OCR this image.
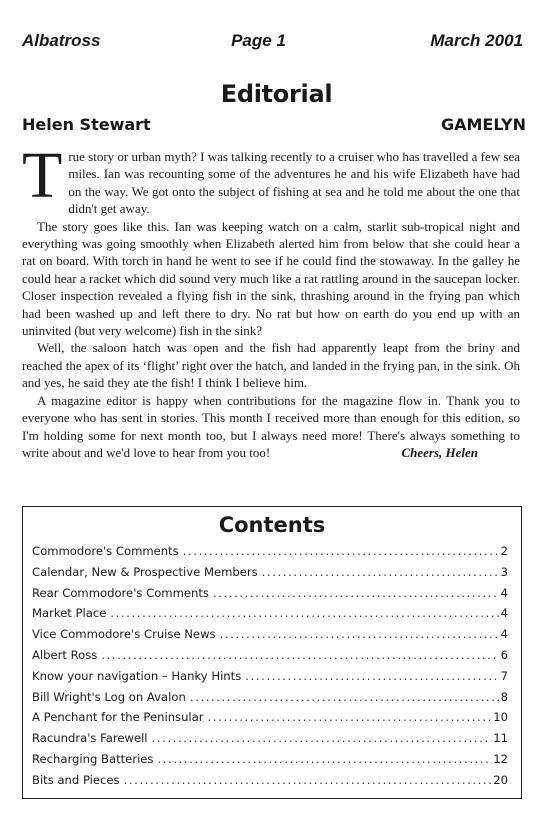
Albatross	Page 1	March 2001
Editorial
Helen Stewart	GAMELYN

True story or urban myth? I was talking recently to a cruiser who has travelled a few sea miles. Ian was recounting some of the adventures he and his wife Elizabeth have had on the way. We got onto the subject of fishing at sea and he told me about the one that didn't get away.

The story goes like this. Ian was keeping watch on a calm, starlit sub-tropical night and everything was going smoothly when Elizabeth alerted him from below that she could hear a rat on board. With torch in hand he went to see if he could find the stowaway. In the galley he could hear a racket which did sound very much like a rat rattling around in the saucepan locker. Closer inspection revealed a flying fish in the sink, thrashing around in the frying pan which had been washed up and left there to dry. No rat but how on earth do you end up with an uninvited (but very welcome) fish in the sink?

Well, the saloon hatch was open and the fish had apparently leapt from the briny and reached the apex of its ‘flight’ right over the hatch, and landed in the frying pan, in the sink. Oh and yes, he said they ate the fish! I think I believe him.

A magazine editor is happy when contributions for the magazine flow in. Thank you to everyone who has sent in stories. This month I received more than enough for this edition, so I'm holding some for next month too, but I always need more! There's always something to write about and we'd love to hear from you too!	Cheers, Helen

Contents
Commodore's Comments .....	2
Calendar, New & Prospective Members .....	3
Rear Commodore's Comments .....	4
Market Place .....	4
Vice Commodore's Cruise News .....	4
Albert Ross .....	6
Know your navigation – Hanky Hints .....	7
Bill Wright's Log on Avalon .....	8
A Penchant for the Peninsular .....	10
Racundra's Farewell .....	11
Recharging Batteries .....	12
Bits and Pieces .....	20
